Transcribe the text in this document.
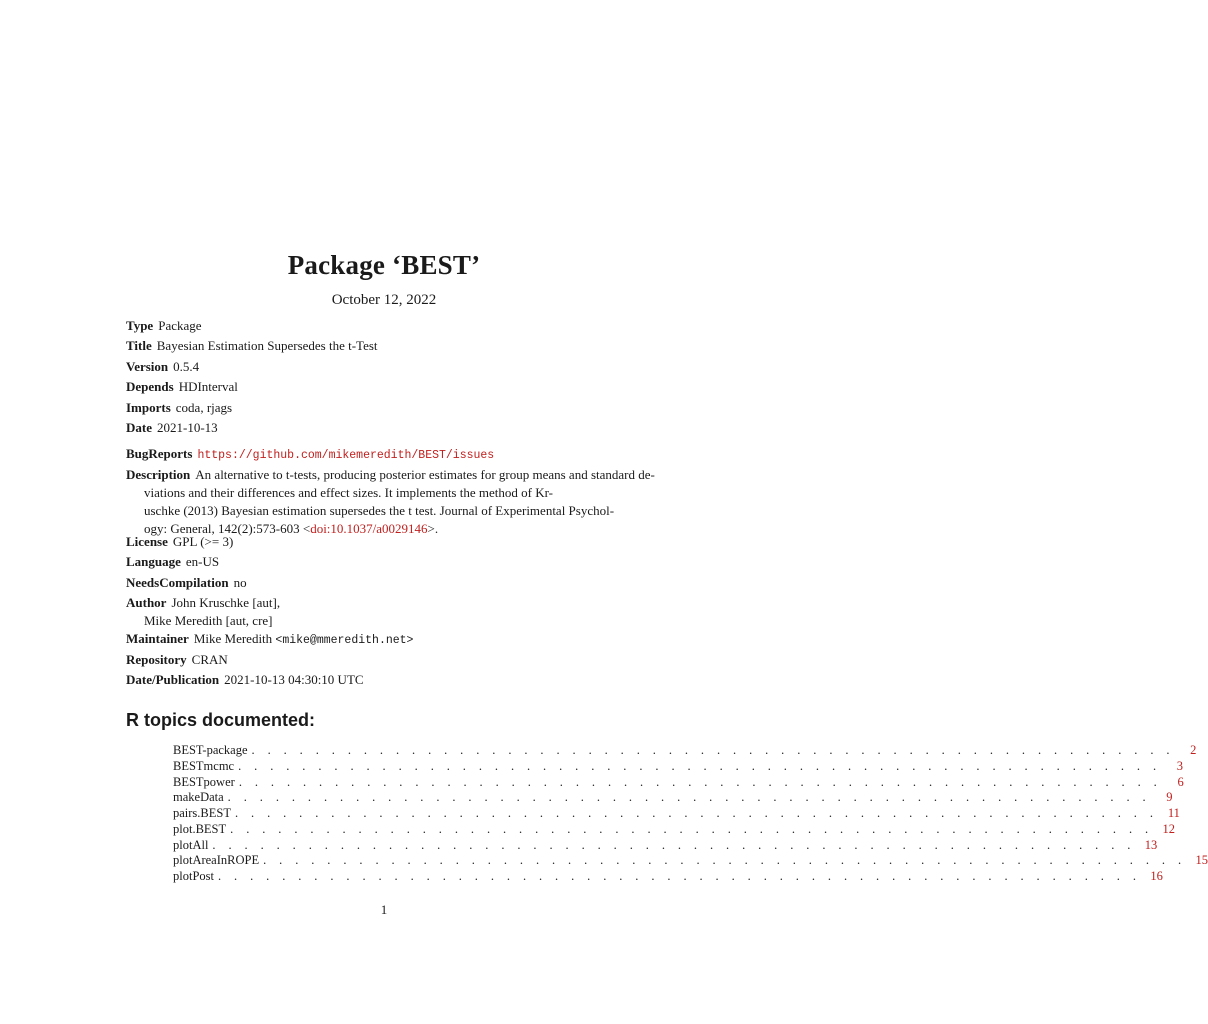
Package ‘BEST’
October 12, 2022
Type Package
Title Bayesian Estimation Supersedes the t-Test
Version 0.5.4
Depends HDInterval
Imports coda, rjags
Date 2021-10-13
BugReports https://github.com/mikemeredith/BEST/issues
Description An alternative to t-tests, producing posterior estimates for group means and standard de-
viations and their differences and effect sizes. It implements the method of Kr-
uschke (2013) Bayesian estimation supersedes the t test. Journal of Experimental Psychol-
ogy: General, 142(2):573-603 <doi:10.1037/a0029146>.
License GPL (>= 3)
Language en-US
NeedsCompilation no
Author John Kruschke [aut],
Mike Meredith [aut, cre]
Maintainer Mike Meredith <mike@mmeredith.net>
Repository CRAN
Date/Publication 2021-10-13 04:30:10 UTC
R topics documented:
BEST-package . . . . . . . . . . . . . . . . . . . . . . . . . . . . . . . . . . . . . . . . . . . . . . . . . . . . . . . . . .	2
BESTmcmc . . . . . . . . . . . . . . . . . . . . . . . . . . . . . . . . . . . . . . . . . . . . . . . . . . . . . . . . . .	3
BESTpower . . . . . . . . . . . . . . . . . . . . . . . . . . . . . . . . . . . . . . . . . . . . . . . . . . . . . . . . . .	6
makeData . . . . . . . . . . . . . . . . . . . . . . . . . . . . . . . . . . . . . . . . . . . . . . . . . . . . . . . . . .	9
pairs.BEST . . . . . . . . . . . . . . . . . . . . . . . . . . . . . . . . . . . . . . . . . . . . . . . . . . . . . . . . . . 11
plot.BEST . . . . . . . . . . . . . . . . . . . . . . . . . . . . . . . . . . . . . . . . . . . . . . . . . . . . . . . . . . 12
plotAll . . . . . . . . . . . . . . . . . . . . . . . . . . . . . . . . . . . . . . . . . . . . . . . . . . . . . . . . . . 13
plotAreaInROPE . . . . . . . . . . . . . . . . . . . . . . . . . . . . . . . . . . . . . . . . . . . . . . . . . . . . . . . . . . 15
plotPost . . . . . . . . . . . . . . . . . . . . . . . . . . . . . . . . . . . . . . . . . . . . . . . . . . . . . . . . . . 16
1
